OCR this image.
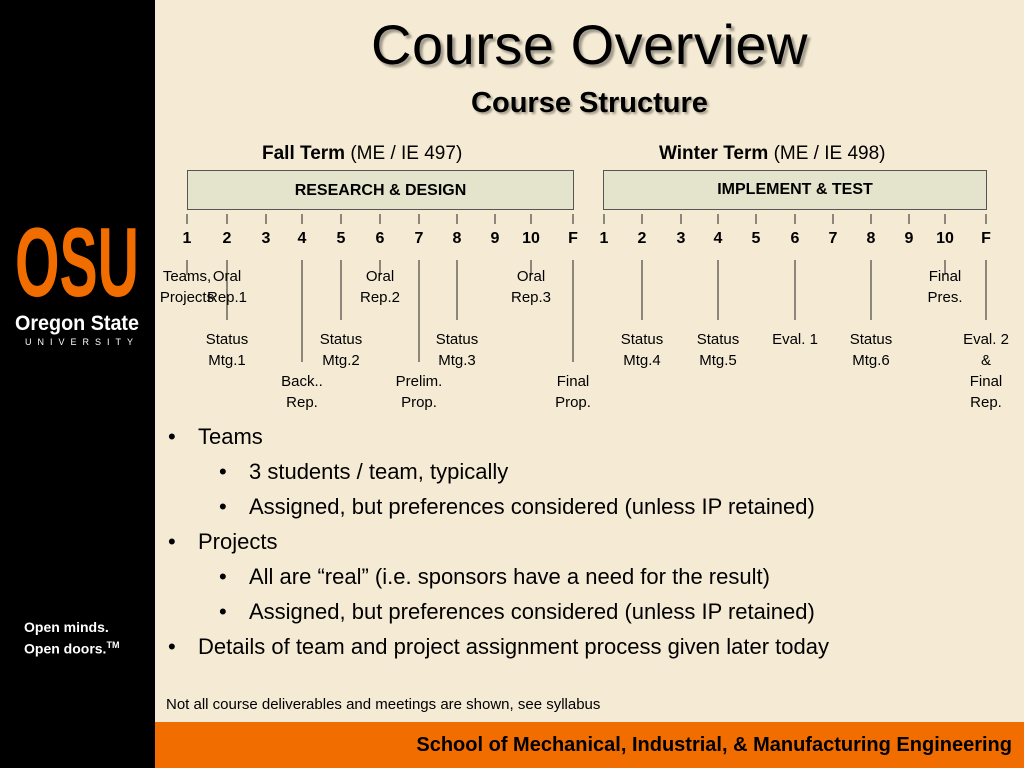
OSU
Oregon State
UNIVERSITY
Open minds.
Open doors.™
Course Overview
Course Structure
Fall Term (ME / IE 497)	Winter Term (ME / IE 498)
RESEARCH & DESIGN	IMPLEMENT & TEST
1 2 3 4 5 6 7 8 9 10 F
Teams, Projects
Oral Rep.1
Oral Rep.2
Oral Rep.3
Status Mtg.1
Status Mtg.2
Status Mtg.3
Back.. Rep.
Prelim. Prop.
Final Prop.
1 2 3 4 5 6 7 8 9 10 F
Final Pres.
Status Mtg.4
Status Mtg.5
Eval. 1 Status Mtg.6
Eval. 2 & Final Rep.
• Teams
• 3 students / team, typically
• Assigned, but preferences considered (unless IP retained)
• Projects
• All are “real” (i.e. sponsors have a need for the result)
• Assigned, but preferences considered (unless IP retained)
• Details of team and project assignment process given later today
Not all course deliverables and meetings are shown, see syllabus
School of Mechanical, Industrial, & Manufacturing Engineering
